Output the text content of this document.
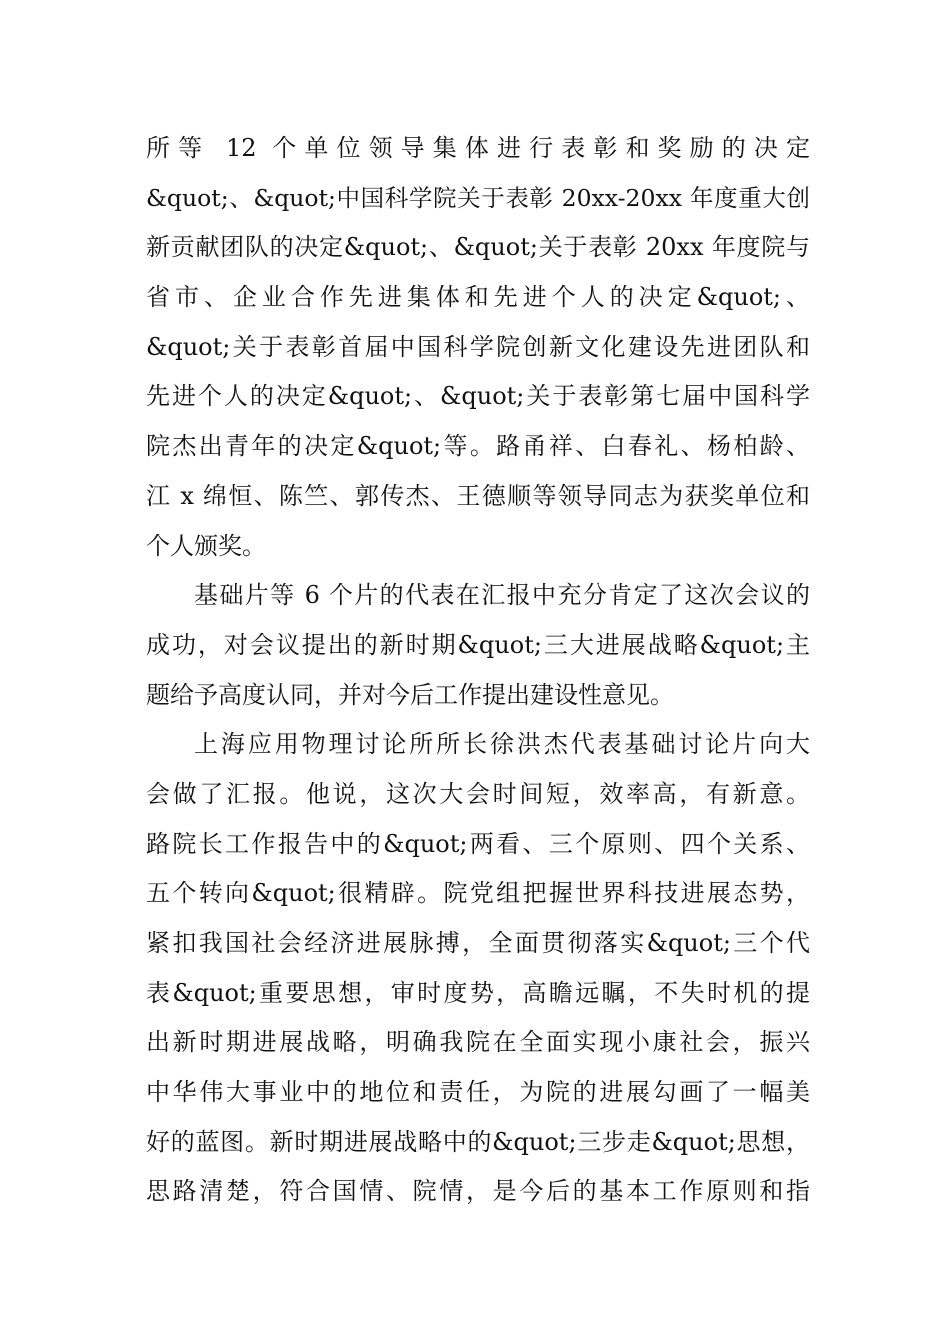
所等 12 个单位领导集体进行表彰和奖励的决定
&quot;、&quot;中国科学院关于表彰 20xx-20xx 年度重大创
新贡献团队的决定&quot;、&quot;关于表彰 20xx 年度院与
省市、企业合作先进集体和先进个人的决定&quot;、
&quot;关于表彰首届中国科学院创新文化建设先进团队和
先进个人的决定&quot;、&quot;关于表彰第七届中国科学
院杰出青年的决定&quot;等。路甬祥、白春礼、杨柏龄、
江 x 绵恒、陈竺、郭传杰、王德顺等领导同志为获奖单位和
个人颁奖。
基础片等 6 个片的代表在汇报中充分肯定了这次会议的
成功，对会议提出的新时期&quot;三大进展战略&quot;主
题给予高度认同，并对今后工作提出建设性意见。
上海应用物理讨论所所长徐洪杰代表基础讨论片向大
会做了汇报。他说，这次大会时间短，效率高，有新意。
路院长工作报告中的&quot;两看、三个原则、四个关系、
五个转向&quot;很精辟。院党组把握世界科技进展态势，
紧扣我国社会经济进展脉搏，全面贯彻落实&quot;三个代
表&quot;重要思想，审时度势，高瞻远瞩，不失时机的提
出新时期进展战略，明确我院在全面实现小康社会，振兴
中华伟大事业中的地位和责任，为院的进展勾画了一幅美
好的蓝图。新时期进展战略中的&quot;三步走&quot;思想，
思路清楚，符合国情、院情，是今后的基本工作原则和指
